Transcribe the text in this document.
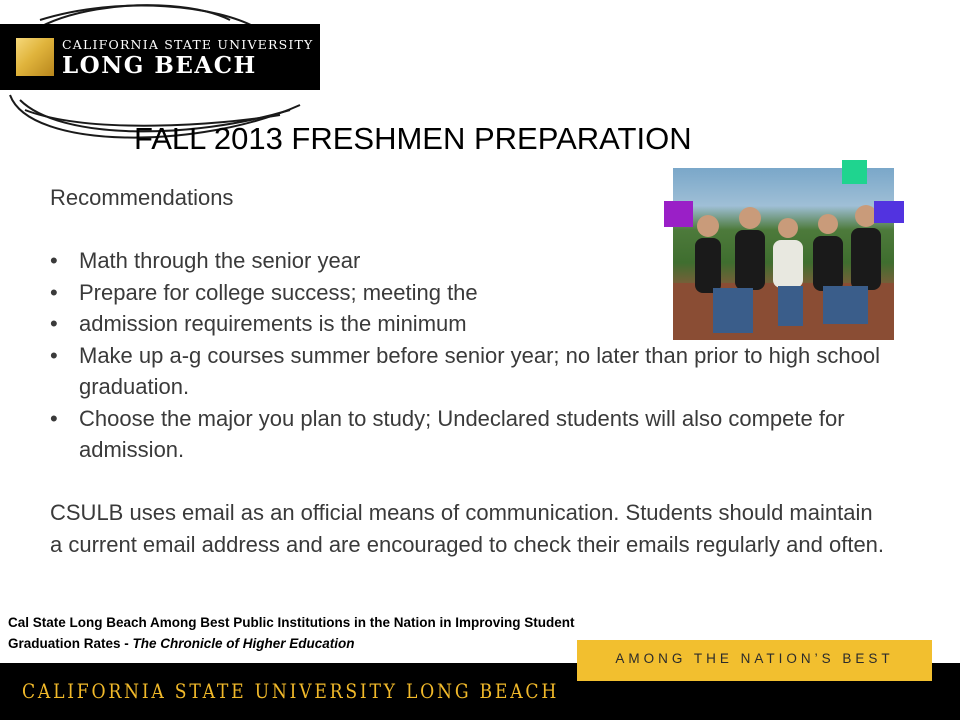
CALIFORNIA STATE UNIVERSITY
LONG BEACH
FALL 2013 FRESHMEN PREPARATION

Recommendations

• Math through the senior year
• Prepare for college success; meeting the
• admission requirements is the minimum
• Make up a-g courses summer before senior year; no later than prior to high school graduation.
• Choose the major you plan to study; Undeclared students will also compete for admission.

CSULB uses email as an official means of communication. Students should maintain a current email address and are encouraged to check their emails regularly and often.

Cal State Long Beach Among Best Public Institutions in the Nation in Improving Student Graduation Rates - The Chronicle of Higher Education
CALIFORNIA STATE UNIVERSITY LONG BEACH
AMONG THE NATION’S BEST
